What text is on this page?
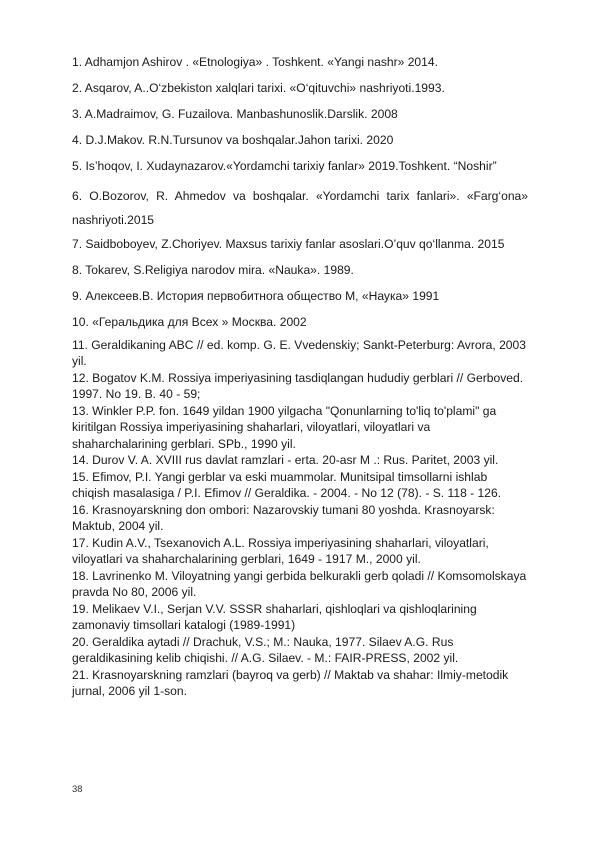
1. Adhamjon Ashirov . «Etnologiya» . Toshkent. «Yangi nashr» 2014.

2. Asqarov, A..O‘zbekiston xalqlari tarixi. «O‘qituvchi» nashriyoti.1993.

3. A.Madraimov, G. Fuzailova. Manbashunoslik.Darslik. 2008

4. D.J.Makov. R.N.Tursunov va boshqalar.Jahon tarixi. 2020

5. Is’hoqov, I. Xudaynazarov.«Yordamchi tarixiy fanlar» 2019.Toshkent. “Noshir”

6. O.Bozorov, R. Ahmedov va boshqalar. «Yordamchi tarix fanlari». «Farg‘ona» nashriyoti.2015

7. Saidboboyev, Z.Choriyev. Maxsus tarixiy fanlar asoslari.O’quv qo‘llanma. 2015

8. Tokarev, S.Religiya narodov mira. «Nauka». 1989.

9. Алексеев.В. История первобитнога общество М, «Наука» 1991

10. «Геральдика для Всех » Москва. 2002

11. Geraldikaning ABC // ed. komp. G. E. Vvedenskiy; Sankt-Peterburg: Avrora, 2003 yil.

12. Bogatov K.M. Rossiya imperiyasining tasdiqlangan hududiy gerblari // Gerboved. 1997. No 19. B. 40 - 59;

13. Winkler P.P. fon. 1649 yildan 1900 yilgacha "Qonunlarning to'liq to'plami" ga kiritilgan Rossiya imperiyasining shaharlari, viloyatlari, viloyatlari va shaharchalarining gerblari. SPb., 1990 yil.

14. Durov V. A. XVIII rus davlat ramzlari - erta. 20-asr M .: Rus. Paritet, 2003 yil.

15. Efimov, P.I. Yangi gerblar va eski muammolar. Munitsipal timsollarni ishlab chiqish masalasiga / P.I. Efimov // Geraldika. - 2004. - No 12 (78). - S. 118 - 126.

16. Krasnoyarskning don ombori: Nazarovskiy tumani 80 yoshda. Krasnoyarsk: Maktub, 2004 yil.

17. Kudin A.V., Tsexanovich A.L. Rossiya imperiyasining shaharlari, viloyatlari, viloyatlari va shaharchalarining gerblari, 1649 - 1917 M., 2000 yil.

18. Lavrinenko M. Viloyatning yangi gerbida belkurakli gerb qoladi // Komsomolskaya pravda No 80, 2006 yil.

19. Melikaev V.I., Serjan V.V. SSSR shaharlari, qishloqlari va qishloqlarining zamonaviy timsollari katalogi (1989-1991)

20. Geraldika aytadi // Drachuk, V.S.; M.: Nauka, 1977. Silaev A.G. Rus geraldikasining kelib chiqishi. // A.G. Silaev. - M.: FAIR-PRESS, 2002 yil.

21. Krasnoyarskning ramzlari (bayroq va gerb) // Maktab va shahar: Ilmiy-metodik jurnal, 2006 yil 1-son.

38
